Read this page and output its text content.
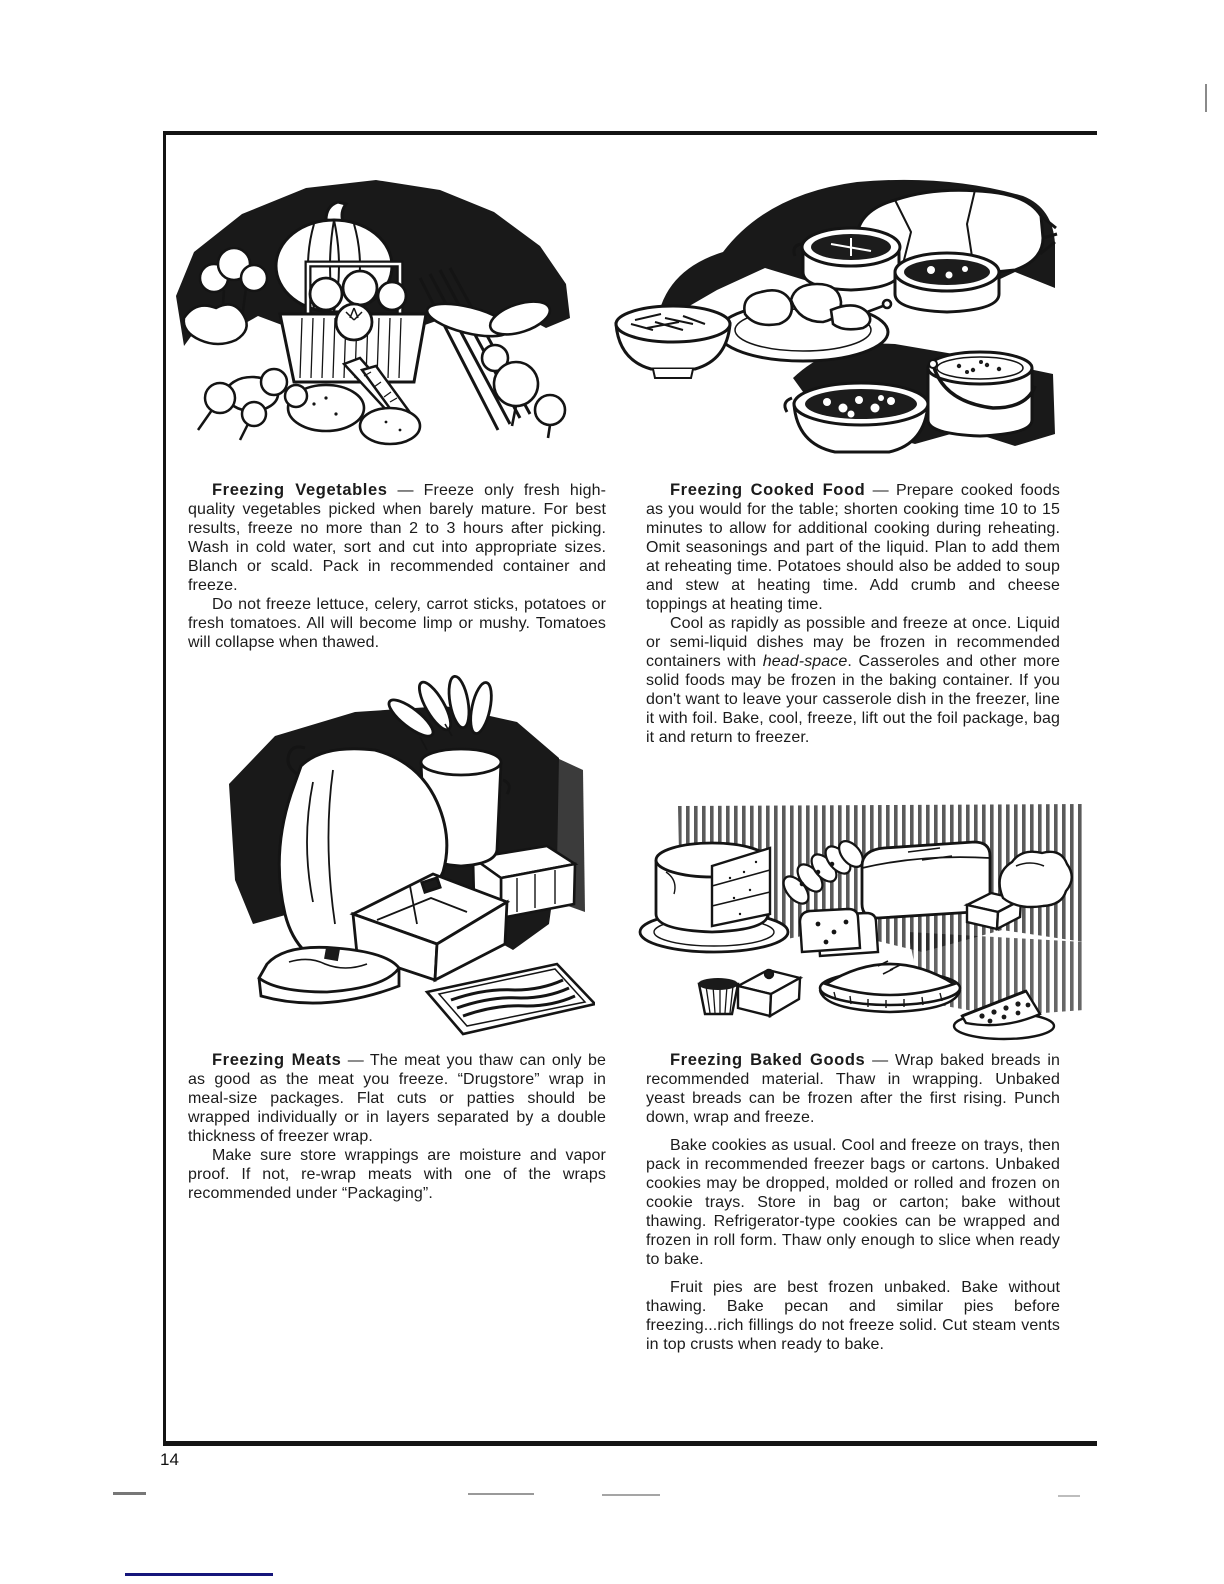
Freezing Vegetables — Freeze only fresh high-quality vegetables picked when barely mature. For best results, freeze no more than 2 to 3 hours after picking. Wash in cold water, sort and cut into appropriate sizes. Blanch or scald. Pack in recommended container and freeze.

Do not freeze lettuce, celery, carrot sticks, potatoes or fresh tomatoes. All will become limp or mushy. Tomatoes will collapse when thawed.

Freezing Cooked Food — Prepare cooked foods as you would for the table; shorten cooking time 10 to 15 minutes to allow for additional cooking during reheating. Omit seasonings and part of the liquid. Plan to add them at reheating time. Potatoes should also be added to soup and stew at heating time. Add crumb and cheese toppings at heating time.

Cool as rapidly as possible and freeze at once. Liquid or semi-liquid dishes may be frozen in recommended containers with head-space. Casseroles and other more solid foods may be frozen in the baking container. If you don't want to leave your casserole dish in the freezer, line it with foil. Bake, cool, freeze, lift out the foil package, bag it and return to freezer.

Freezing Meats — The meat you thaw can only be as good as the meat you freeze. “Drugstore” wrap in meal-size packages. Flat cuts or patties should be wrapped individually or in layers separated by a double thickness of freezer wrap.

Make sure store wrappings are moisture and vapor proof. If not, re-wrap meats with one of the wraps recommended under “Packaging”.

Freezing Baked Goods — Wrap baked breads in recommended material. Thaw in wrapping. Unbaked yeast breads can be frozen after the first rising. Punch down, wrap and freeze.

Bake cookies as usual. Cool and freeze on trays, then pack in recommended freezer bags or cartons. Unbaked cookies may be dropped, molded or rolled and frozen on cookie trays. Store in bag or carton; bake without thawing. Refrigerator-type cookies can be wrapped and frozen in roll form. Thaw only enough to slice when ready to bake.

Fruit pies are best frozen unbaked. Bake without thawing. Bake pecan and similar pies before freezing...rich fillings do not freeze solid. Cut steam vents in top crusts when ready to bake.

14
